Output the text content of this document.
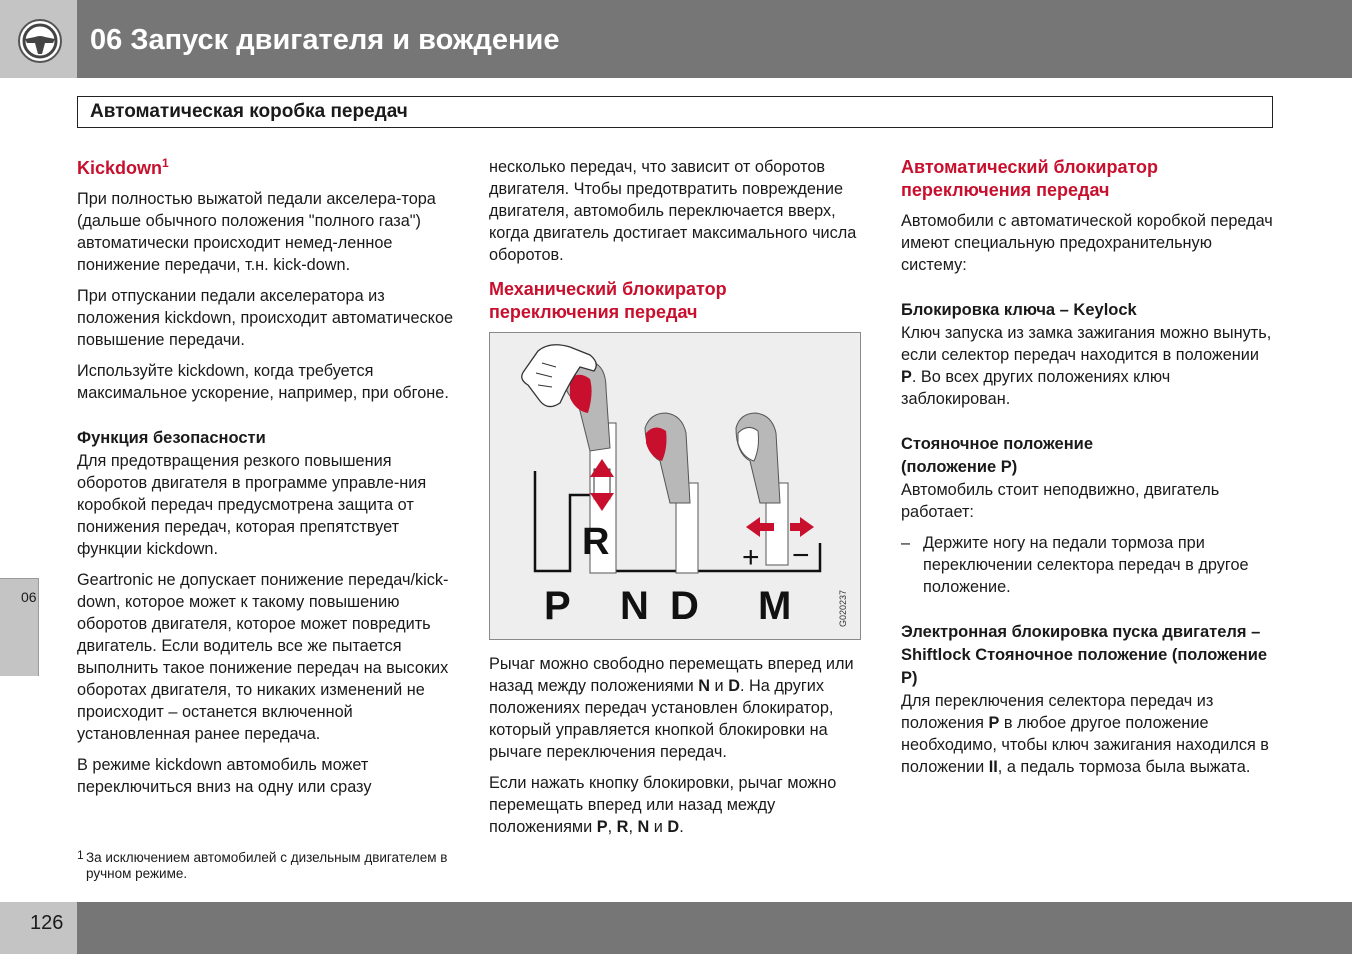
06 Запуск двигателя и вождение
Автоматическая коробка передач
06
Kickdown$^1$

При полностью выжатой педали акселера-тора (дальше обычного положения "полного газа") автоматически происходит немед-ленное понижение передачи, т.н. kick-down.

При отпускании педали акселератора из положения kickdown, происходит автоматическое повышение передачи.

Используйте kickdown, когда требуется максимальное ускорение, например, при обгоне.

Функция безопасности

Для предотвращения резкого повышения оборотов двигателя в программе управле-ния коробкой передач предусмотрена защита от понижения передач, которая препятствует функции kickdown.

Geartronic не допускает понижение передач/kick-down, которое может к такому повышению оборотов двигателя, которое может повредить двигатель. Если водитель все же пытается выполнить такое понижение передач на высоких оборотах двигателя, то никаких изменений не происходит – останется включенной установленная ранее передача.

В режиме kickdown автомобиль может переключиться вниз на одну или сразу

1 За исключением автомобилей с дизельным двигателем в ручном режиме.

несколько передач, что зависит от оборотов двигателя. Чтобы предотвратить повреждение двигателя, автомобиль переключается вверх, когда двигатель достигает максимального числа оборотов.

Механический блокиратор переключения передач
R
P N D M
+ −
G020237

Рычаг можно свободно перемещать вперед или назад между положениями N и D. На других положениях передач установлен блокиратор, который управляется кнопкой блокировки на рычаге переключения передач.

Если нажать кнопку блокировки, рычаг можно перемещать вперед или назад между положениями P, R, N и D.

Автоматический блокиратор переключения передач

Автомобили с автоматической коробкой передач имеют специальную предохранительную систему:

Блокировка ключа – Keylock

Ключ запуска из замка зажигания можно вынуть, если селектор передач находится в положении P. Во всех других положениях ключ заблокирован.

Стояночное положение
(положение P)

Автомобиль стоит неподвижно, двигатель работает:

– Держите ногу на педали тормоза при переключении селектора передач в другое положение.
Электронная блокировка пуска двигателя – Shiftlock Стояночное положение (положение P)

Для переключения селектора передач из положения P в любое другое положение необходимо, чтобы ключ зажигания находился в положении II, а педаль тормоза была выжата.

126
